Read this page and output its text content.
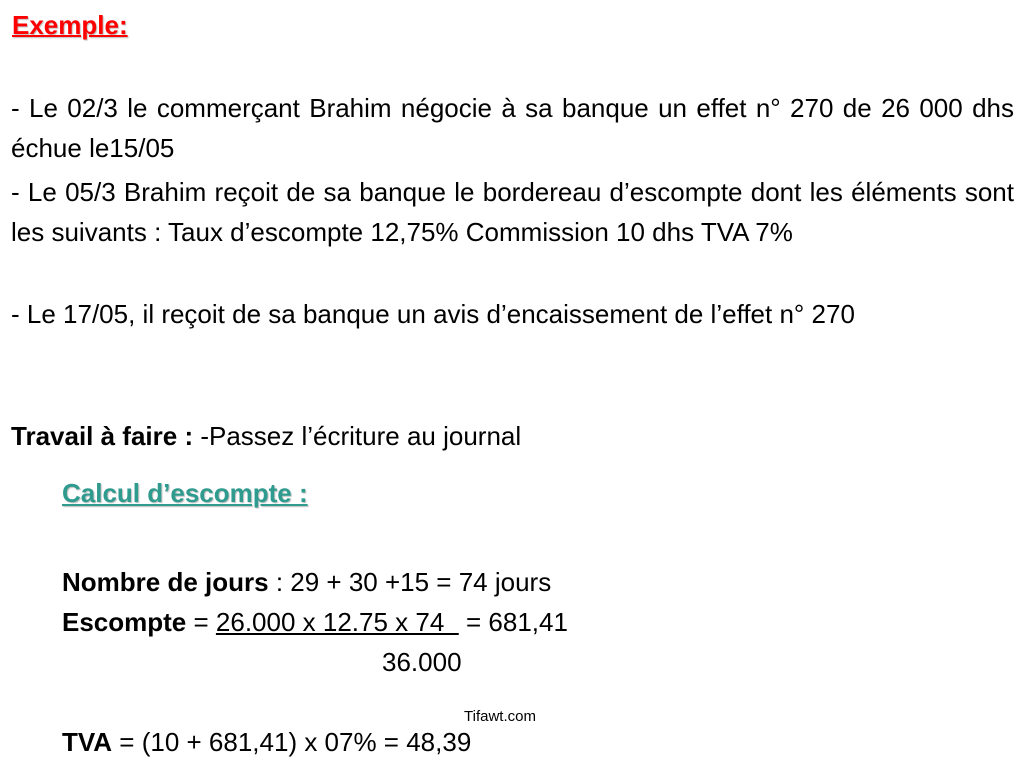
Exemple:
- Le 02/3 le commerçant Brahim négocie à sa banque un effet n° 270 de 26 000 dhs échue le15/05
- Le 05/3 Brahim reçoit de sa banque le bordereau d’escompte dont les éléments sont les suivants : Taux d’escompte 12,75% Commission 10 dhs TVA 7%
- Le 17/05, il reçoit de sa banque un avis d’encaissement de l’effet n° 270
Travail à faire : -Passez l’écriture au journal
Calcul d’escompte :
Nombre de jours : 29 + 30 +15 = 74 jours
Escompte = 26.000 x 12.75 x 74   = 681,41
36.000
Tifawt.com
TVA = (10 + 681,41) x 07% = 48,39
